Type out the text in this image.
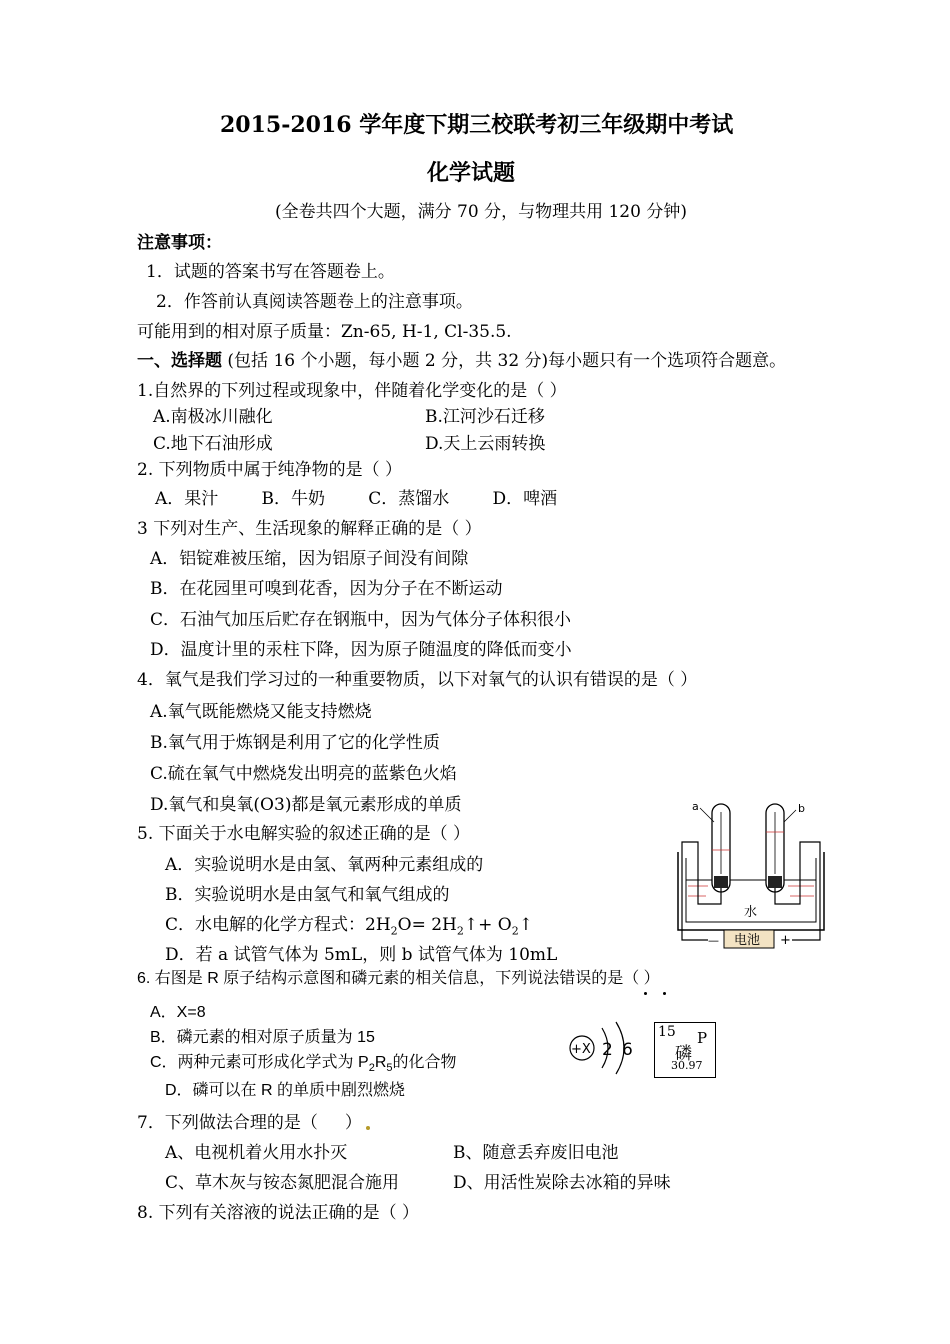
2015-2016 学年度下期三校联考初三年级期中考试
化学试题
(全卷共四个大题，满分 70 分，与物理共用 120 分钟)
注意事项：
1．试题的答案书写在答题卷上。
2．作答前认真阅读答题卷上的注意事项。
可能用到的相对原子质量：Zn-65, H-1, Cl-35.5.
一、选择题 (包括 16 个小题，每小题 2 分，共 32 分)每小题只有一个选项符合题意。
1.自然界的下列过程或现象中，伴随着化学变化的是（ ）
A.南极冰川融化	B.江河沙石迁移
C.地下石油形成	D.天上云雨转换
2. 下列物质中属于纯净物的是（ ）
A．果汁        B．牛奶        C．蒸馏水        D．啤酒
3 下列对生产、生活现象的解释正确的是（ ）
A．铝锭难被压缩，因为铝原子间没有间隙
B．在花园里可嗅到花香，因为分子在不断运动
C．石油气加压后贮存在钢瓶中，因为气体分子体积很小
D．温度计里的汞柱下降，因为原子随温度的降低而变小
4．氧气是我们学习过的一种重要物质，以下对氧气的认识有错误的是（ ）
A.氧气既能燃烧又能支持燃烧
B.氧气用于炼钢是利用了它的化学性质
C.硫在氧气中燃烧发出明亮的蓝紫色火焰
D.氧气和臭氧(O3)都是氧元素形成的单质
5. 下面关于水电解实验的叙述正确的是（ ）
A．实验说明水是由氢、氧两种元素组成的
B．实验说明水是由氢气和氧气组成的
C．水电解的化学方程式：$2H_2O=$ $2H_2↑+$ $O_2↑$
D．若 a 试管气体为 5mL，则 b 试管气体为 10mL
a	b
水
电池
—	+
6. 右图是 R 原子结构示意图和磷元素的相关信息，下列说法错误的是（ ）
A．X=8
B．磷元素的相对原子质量为 15
C．两种元素可形成化学式为 $P_2R_5$的化合物
D．磷可以在 R 的单质中剧烈燃烧
+X 2 6
15 P
磷
30.97
7．下列做法合理的是（     ）
A、电视机着火用水扑灭	B、随意丢弃废旧电池
C、草木灰与铵态氮肥混合施用	D、用活性炭除去冰箱的异味
8. 下列有关溶液的说法正确的是（ ）
